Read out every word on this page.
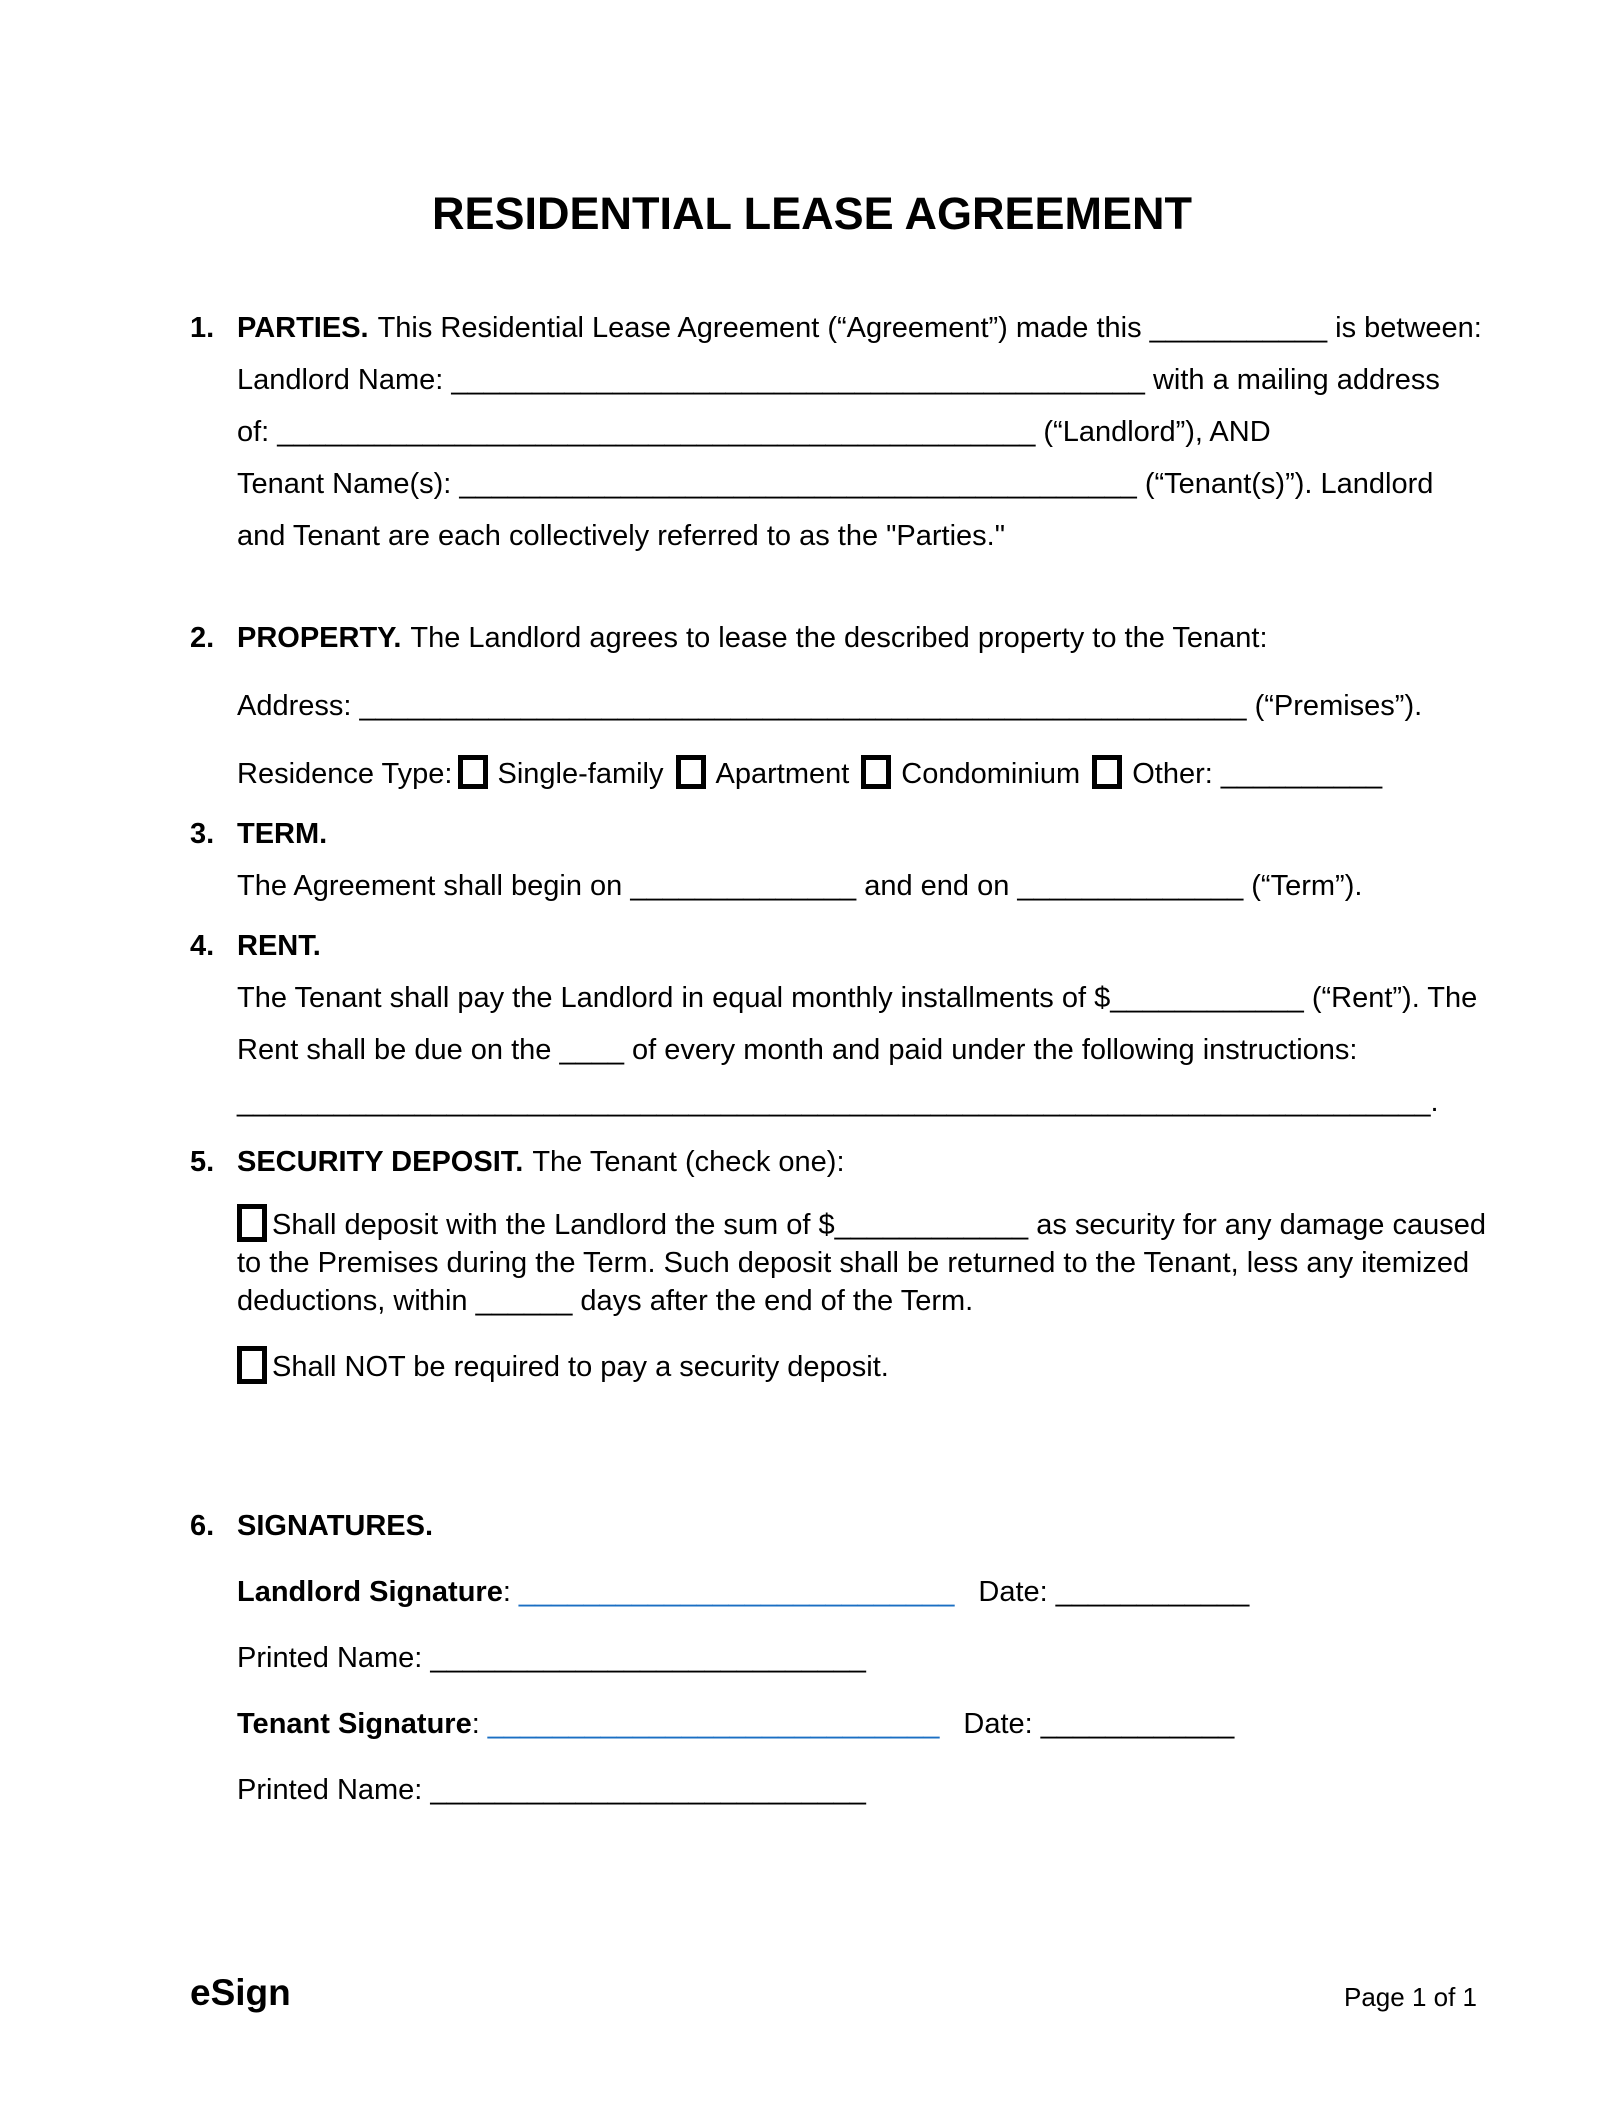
RESIDENTIAL LEASE AGREEMENT
1. PARTIES. This Residential Lease Agreement (“Agreement”) made this ___________ is between:
Landlord Name: ___________________________________________ with a mailing address
of: _______________________________________________ (“Landlord”), AND
Tenant Name(s): __________________________________________ (“Tenant(s)”). Landlord
and Tenant are each collectively referred to as the "Parties."
2. PROPERTY. The Landlord agrees to lease the described property to the Tenant:
Address: _______________________________________________________ (“Premises”).
Residence Type: Single-family Apartment Condominium Other: __________
3. TERM.
The Agreement shall begin on ______________ and end on ______________ (“Term”).
4. RENT.
The Tenant shall pay the Landlord in equal monthly installments of $____________ (“Rent”). The
Rent shall be due on the ____ of every month and paid under the following instructions:
__________________________________________________________________________.
5. SECURITY DEPOSIT. The Tenant (check one):
Shall deposit with the Landlord the sum of $____________ as security for any damage caused
to the Premises during the Term. Such deposit shall be returned to the Tenant, less any itemized
deductions, within ______ days after the end of the Term.
Shall NOT be required to pay a security deposit.
6. SIGNATURES.
Landlord Signature: ___________________________ Date: ____________
Printed Name: ___________________________
Tenant Signature: ____________________________ Date: ____________
Printed Name: ___________________________
eSign	Page 1 of 1
